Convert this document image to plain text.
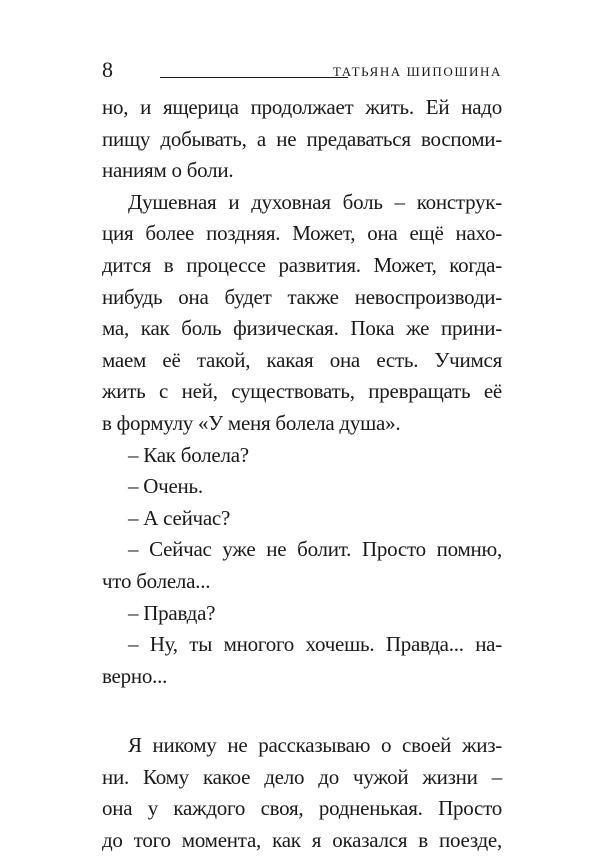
8	ТАТЬЯНА ШИПОШИНА
но, и ящерица продолжает жить. Ей надо
пищу добывать, а не предаваться воспоми-
наниям о боли.
Душевная и духовная боль – конструк-
ция более поздняя. Может, она ещё нахо-
дится в процессе развития. Может, когда-
нибудь она будет также невоспроизводи-
ма, как боль физическая. Пока же прини-
маем её такой, какая она есть. Учимся
жить с ней, существовать, превращать её
в формулу «У меня болела душа».
– Как болела?
– Очень.
– А сейчас?
– Сейчас уже не болит. Просто помню,
что болела...
– Правда?
– Ну, ты многого хочешь. Правда... на-
верно...
Я никому не рассказываю о своей жиз-
ни. Кому какое дело до чужой жизни –
она у каждого своя, родненькая. Просто
до того момента, как я оказался в поезде,
